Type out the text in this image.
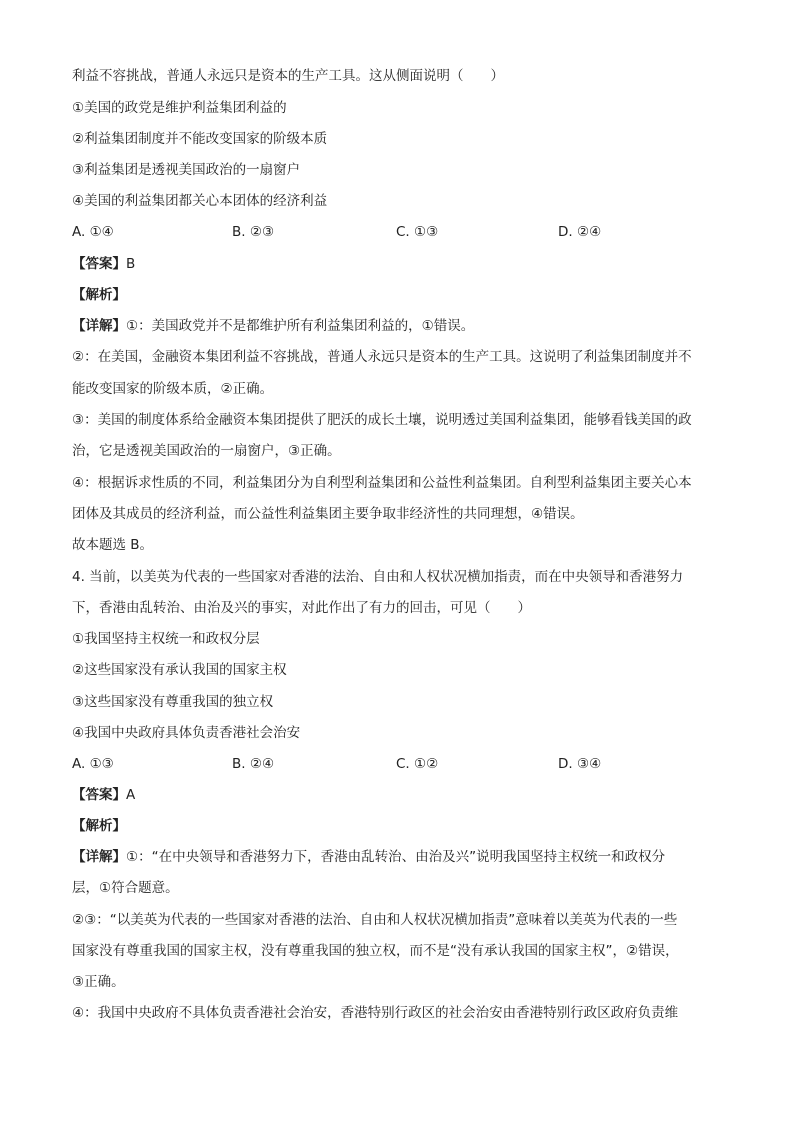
利益不容挑战，普通人永远只是资本的生产工具。这从侧面说明（　　）
①美国的政党是维护利益集团利益的
②利益集团制度并不能改变国家的阶级本质
③利益集团是透视美国政治的一扇窗户
④美国的利益集团都关心本团体的经济利益
A. ①④	B. ②③	C. ①③	D. ②④
【答案】B
【解析】
【详解】①：美国政党并不是都维护所有利益集团利益的，①错误。
②：在美国，金融资本集团利益不容挑战，普通人永远只是资本的生产工具。这说明了利益集团制度并不
能改变国家的阶级本质，②正确。
③：美国的制度体系给金融资本集团提供了肥沃的成长土壤，说明透过美国利益集团，能够看钱美国的政
治，它是透视美国政治的一扇窗户，③正确。
④：根据诉求性质的不同，利益集团分为自利型利益集团和公益性利益集团。自利型利益集团主要关心本
团体及其成员的经济利益，而公益性利益集团主要争取非经济性的共同理想，④错误。
故本题选 B。
4. 当前，以美英为代表的一些国家对香港的法治、自由和人权状况横加指责，而在中央领导和香港努力
下，香港由乱转治、由治及兴的事实，对此作出了有力的回击，可见（　　）
①我国坚持主权统一和政权分层
②这些国家没有承认我国的国家主权
③这些国家没有尊重我国的独立权
④我国中央政府具体负责香港社会治安
A. ①③	B. ②④	C. ①②	D. ③④
【答案】A
【解析】
【详解】①：“在中央领导和香港努力下，香港由乱转治、由治及兴”说明我国坚持主权统一和政权分
层，①符合题意。
②③：“以美英为代表的一些国家对香港的法治、自由和人权状况横加指责”意味着以美英为代表的一些
国家没有尊重我国的国家主权，没有尊重我国的独立权，而不是“没有承认我国的国家主权”，②错误，
③正确。
④：我国中央政府不具体负责香港社会治安，香港特别行政区的社会治安由香港特别行政区政府负责维
